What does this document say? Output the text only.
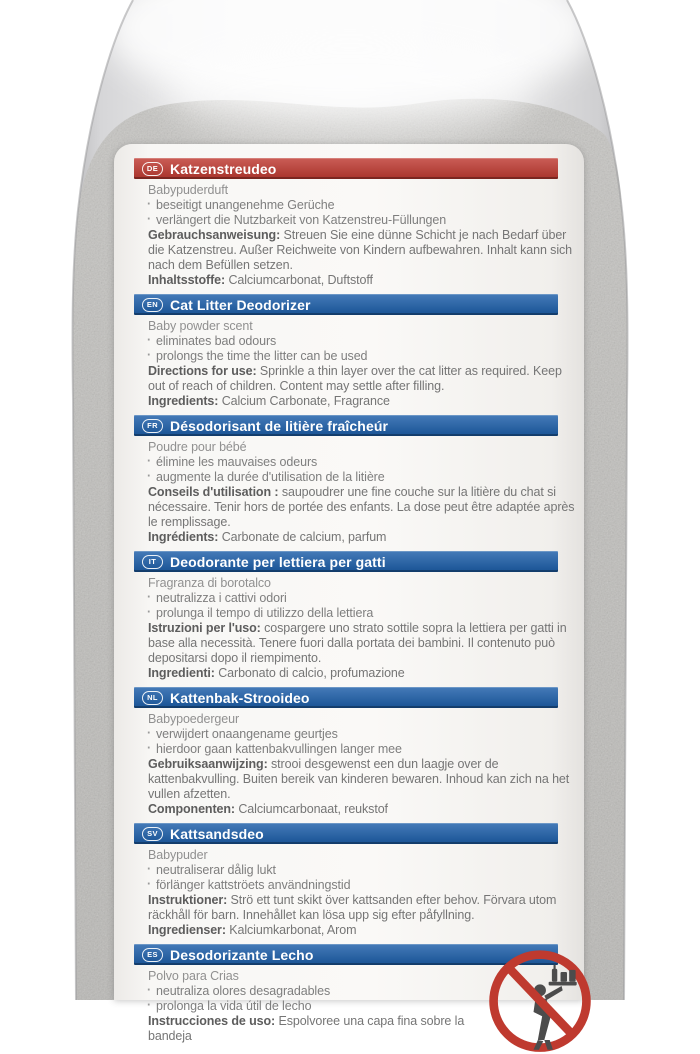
DE Katzenstreudeo

Babypuderduft

· beseitigt unangenehme Gerüche

· verlängert die Nutzbarkeit von Katzenstreu-Füllungen

Gebrauchsanweisung: Streuen Sie eine dünne Schicht je nach Bedarf über die Katzenstreu. Außer Reichweite von Kindern aufbewahren. Inhalt kann sich nach dem Befüllen setzen.

Inhaltsstoffe: Calciumcarbonat, Duftstoff

EN Cat Litter Deodorizer

Baby powder scent

· eliminates bad odours

· prolongs the time the litter can be used

Directions for use: Sprinkle a thin layer over the cat litter as required. Keep out of reach of children. Content may settle after filling.

Ingredients: Calcium Carbonate, Fragrance

FR Désodorisant de litière fraîcheúr

Poudre pour bébé

· élimine les mauvaises odeurs

· augmente la durée d'utilisation de la litière

Conseils d'utilisation : saupoudrer une fine couche sur la litière du chat si nécessaire. Tenir hors de portée des enfants. La dose peut être adaptée après le remplissage.

Ingrédients: Carbonate de calcium, parfum

IT Deodorante per lettiera per gatti

Fragranza di borotalco

· neutralizza i cattivi odori

· prolunga il tempo di utilizzo della lettiera

Istruzioni per l'uso: cospargere uno strato sottile sopra la lettiera per gatti in base alla necessità. Tenere fuori dalla portata dei bambini. Il contenuto può depositarsi dopo il riempimento.

Ingredienti: Carbonato di calcio, profumazione

NL Kattenbak-Strooideo

Babypoedergeur

· verwijdert onaangename geurtjes

· hierdoor gaan kattenbakvullingen langer mee

Gebruiksaanwijzing: strooi desgewenst een dun laagje over de kattenbakvulling. Buiten bereik van kinderen bewaren. Inhoud kan zich na het vullen afzetten.

Componenten: Calciumcarbonaat, reukstof

SV Kattsandsdeo

Babypuder

· neutraliserar dålig lukt

· förlänger kattströets användningstid

Instruktioner: Strö ett tunt skikt över kattsanden efter behov. Förvara utom räckhåll för barn. Innehållet kan lösa upp sig efter påfyllning.

Ingredienser: Kalciumkarbonat, Arom

ES Desodorizante Lecho

Polvo para Crias

· neutraliza olores desagradables

· prolonga la vida útil de lecho

Instrucciones de uso: Espolvoree una capa fina sobre la bandeja
